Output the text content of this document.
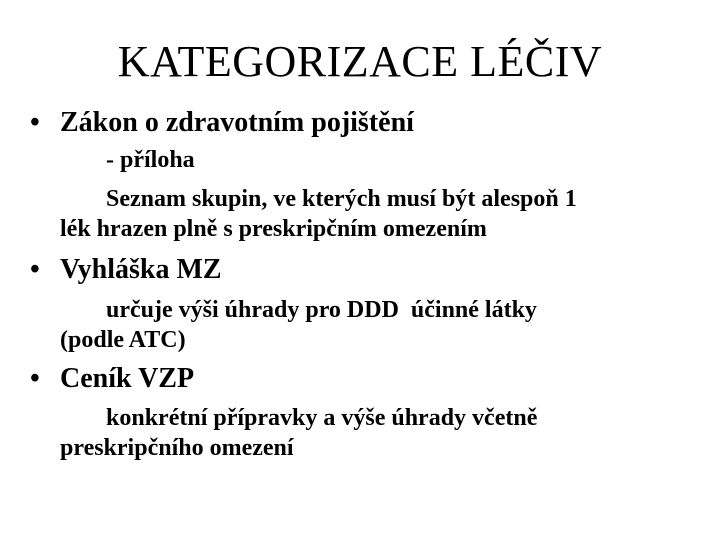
KATEGORIZACE LÉČIV
• Zákon o zdravotním pojištění
- příloha
Seznam skupin, ve kterých musí být alespoň 1
lék hrazen plně s preskripčním omezením
• Vyhláška MZ
určuje výši úhrady pro DDD  účinné látky
(podle ATC)
• Ceník VZP
konkrétní přípravky a výše úhrady včetně
preskripčního omezení
